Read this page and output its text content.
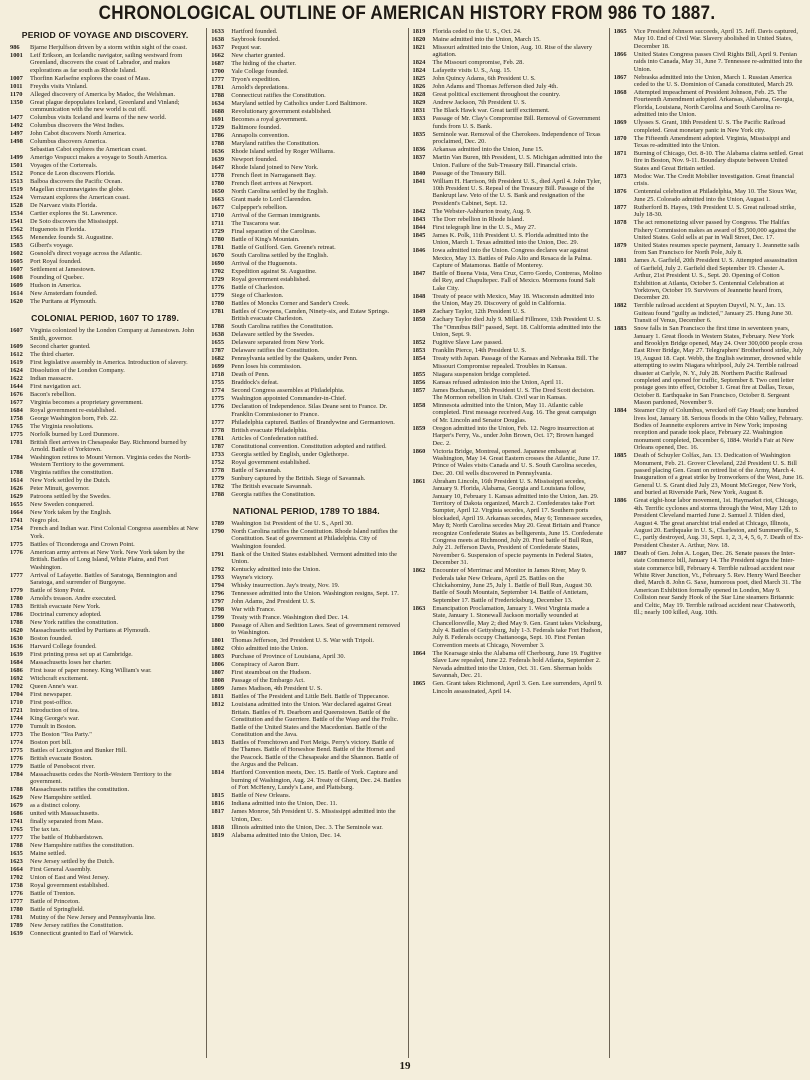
CHRONOLOGICAL OUTLINE OF AMERICAN HISTORY FROM 986 TO 1887.
PERIOD OF VOYAGE AND DISCOVERY.
986	Bjarne Herjulfson driven by a storm within sight of the coast.
1001	Leif Erikson, an Icelandic navigator, sailing westward from Greenland, discovers the coast of Labrador, and makes explorations as far south as Rhode Island.
1007	Thorfinn Karlsefne explores the coast of Mass.
1011	Freydis visits Vinland.
1170	Alleged discovery of America by Madoc, the Welshman.
1350	Great plague depopulates Iceland, Greenland and Vinland; communication with the new world is cut off.
1477	Columbus visits Iceland and learns of the new world.
1492	Columbus discovers the West Indies.
1497	John Cabot discovers North America.
1498	Columbus discovers America.
Sebastian Cabot explores the American coast.
1499	Amerigo Vespucci makes a voyage to South America.
1501	Voyages of the Cortereals.
1512	Ponce de Leon discovers Florida.
1513	Balboa discovers the Pacific Ocean.
1519	Magellan circumnavigates the globe.
1524	Verrazani explores the American coast.
1528	De Narvaez visits Florida.
1534	Cartier explores the St. Lawrence.
1541	De Soto discovers the Mississippi.
1562	Huguenots in Florida.
1565	Menendez founds St. Augustine.
1583	Gilbert's voyage.
1602	Gosnold's direct voyage across the Atlantic.
1605	Port Royal founded.
1607	Settlement at Jamestown.
1608	Founding of Quebec.
1609	Hudson in America.
1614	New Amsterdam founded.
1620	The Puritans at Plymouth.
COLONIAL PERIOD, 1607 TO 1789.
1607	Virginia colonized by the London Company at Jamestown. John Smith, governor.
1609	Second charter granted.
1612	The third charter.
1619	First legislative assembly in America. Introduction of slavery.
1624	Dissolution of the London Company.
1622	Indian massacre.
1644	First navigation act.
1676	Bacon's rebellion.
1677	Virginia becomes a proprietary government.
1684	Royal government re-established.
1758	George Washington born, Feb. 22.
1765	The Virginia resolutions.
1775	Norfolk burned by Lord Dunmore.
1781	British fleet arrives in Chesapeake Bay. Richmond burned by Arnold. Battle of Yorktown.
1784	Washington retires to Mount Vernon. Virginia cedes the North-Western Territory to the government.
1788	Virginia ratifies the constitution.
1614	New York settled by the Dutch.
1626	Peter Minuit, governor.
1629	Patroons settled by the Swedes.
1655	New Sweden conquered.
1664	New York taken by the English.
1741	Negro plot.
1754	French and Indian war. First Colonial Congress assembles at New York.
1775	Battles of Ticonderoga and Crown Point.
1776	American army arrives at New York. New York taken by the British. Battles of Long Island, White Plains, and Fort Washington.
1777	Arrival of Lafayette. Battles of Saratoga, Bennington and Saratoga, and surrender of Burgoyne.
1779	Battle of Stony Point.
1780	Arnold's treason. Andre executed.
1783	British evacuate New York.
1786	Doctrinal currency adopted.
1788	New York ratifies the constitution.
1620	Massachusetts settled by Puritans at Plymouth.
1630	Boston founded.
1636	Harvard College founded.
1639	First printing press set up at Cambridge.
1684	Massachusetts loses her charter.
1686	First issue of paper money. King William's war.
1692	Witchcraft excitement.
1702	Queen Anne's war.
1704	First newspaper.
1710	First post-office.
1721	Introduction of tea.
1744	King George's war.
1770	Tumult in Boston.
1773	The Boston "Tea Party."
1774	Boston port bill.
1775	Battles of Lexington and Bunker Hill.
1776	British evacuate Boston.
1779	Battle of Penobscot river.
1784	Massachusetts cedes the North-Western Territory to the government.
1788	Massachusetts ratifies the constitution.
1629	New Hampshire settled.
1679	as a distinct colony.
1686	united with Massachusetts.
1741	finally separated from Mass.
1765	The tax tax.
1777	The battle of Hubbardstown.
1788	New Hampshire ratifies the constitution.
1635	Maine settled.
1623	New Jersey settled by the Dutch.
1664	First General Assembly.
1702	Union of East and West Jersey.
1738	Royal government established.
1776	Battle of Trenton.
1777	Battle of Princeton.
1780	Battle of Springfield.
1781	Mutiny of the New Jersey and Pennsylvania line.
1789	New Jersey ratifies the Constitution.
1639	Connecticut granted to Earl of Warwick.
1633	Hartford founded.
1638	Saybrook founded.
1637	Pequot war.
1662	New charter granted.
1687	The hiding of the charter.
1700	Yale College founded.
1777	Tryon's expedition.
1781	Arnold's depredations.
1788	Connecticut ratifies the Constitution.
1634	Maryland settled by Catholics under Lord Baltimore.
1688	Revolutionary government established.
1691	Becomes a royal government.
1729	Baltimore founded.
1786	Annapolis convention.
1788	Maryland ratifies the Constitution.
1636	Rhode Island settled by Roger Williams.
1639	Newport founded.
1647	Rhode Island joined to New York.
1778	French fleet in Narragansett Bay.
1780	French fleet arrives at Newport.
1650	North Carolina settled by the English.
1663	Grant made to Lord Clarendon.
1677	Culpepper's rebellion.
1710	Arrival of the German immigrants.
1711	The Tuscarora war.
1729	Final separation of the Carolinas.
1780	Battle of King's Mountain.
1781	Battle of Guilford. Gen. Greene's retreat.
1670	South Carolina settled by the English.
1690	Arrival of the Huguenots.
1702	Expedition against St. Augustine.
1729	Royal government established.
1776	Battle of Charleston.
1779	Siege of Charleston.
1780	Battles of Moncks Corner and Sander's Creek.
1781	Battles of Cowpens, Camden, Ninety-six, and Eutaw Springs. British evacuate Charleston.
1788	South Carolina ratifies the Constitution.
1638	Delaware settled by the Swedes.
1655	Delaware separated from New York.
1787	Delaware ratifies the Constitution.
1682	Pennsylvania settled by the Quakers, under Penn.
1699	Penn loses his commission.
1718	Death of Penn.
1755	Braddock's defeat.
1774	Second Congress assembles at Philadelphia.
1775	Washington appointed Commander-in-Chief.
1776	Declaration of Independence. Silas Deane sent to France. Dr. Franklin Commissioner to France.
1777	Philadelphia captured. Battles of Brandywine and Germantown.
1778	British evacuate Philadelphia.
1781	Articles of Confederation ratified.
1787	Constitutional convention. Constitution adopted and ratified.
1733	Georgia settled by English, under Oglethorpe.
1752	Royal government established.
1778	Battle of Savannah.
1779	Sunbury captured by the British. Siege of Savannah.
1782	The British evacuate Savannah.
1788	Georgia ratifies the Constitution.
NATIONAL PERIOD, 1789 TO 1884.
1789	Washington 1st President of the U. S., April 30.
1790	North Carolina ratifies the Constitution. Rhode Island ratifies the Constitution. Seat of government at Philadelphia. City of Washington founded.
1791	Bank of the United States established. Vermont admitted into the Union.
1792	Kentucky admitted into the Union.
1793	Wayne's victory.
1794	Whisky insurrection. Jay's treaty, Nov. 19.
1796	Tennessee admitted into the Union. Washington resigns, Sept. 17.
1797	John Adams, 2nd President U. S.
1798	War with France.
1799	Treaty with France. Washington died Dec. 14.
1800	Passage of Alien and Sedition Laws. Seat of government removed to Washington.
1801	Thomas Jefferson, 3rd President U. S. War with Tripoli.
1802	Ohio admitted into the Union.
1803	Purchase of Province of Louisiana, April 30.
1806	Conspiracy of Aaron Burr.
1807	First steamboat on the Hudson.
1808	Passage of the Embargo Act.
1809	James Madison, 4th President U. S.
1811	Battles of The President and Little Belt. Battle of Tippecanoe.
1812	Louisiana admitted into the Union. War declared against Great Britain. Battles of Ft. Dearborn and Queenstown. Battle of the Constitution and the Guerriere. Battle of the Wasp and the Frolic. Battle of the United States and the Macedonian. Battle of the Constitution and the Java.
1813	Battles of Frenchtown and Fort Meigs. Perry's victory. Battle of the Thames. Battle of Horseshoe Bend. Battle of the Hornet and the Peacock. Battle of the Chesapeake and the Shannon. Battle of the Argus and the Pelican.
1814	Hartford Convention meets, Dec. 15. Battle of York. Capture and burning of Washington, Aug. 24. Treaty of Ghent, Dec. 24. Battles of Fort McHenry, Lundy's Lane, and Plattsburg.
1815	Battle of New Orleans.
1816	Indiana admitted into the Union, Dec. 11.
1817	James Monroe, 5th President U. S. Mississippi admitted into the Union, Dec.
1818	Illinois admitted into the Union, Dec. 3. The Seminole war.
1819	Alabama admitted into the Union, Dec. 14.
1819	Florida ceded to the U. S., Oct. 24.
1820	Maine admitted into the Union, March 15.
1821	Missouri admitted into the Union, Aug. 10. Rise of the slavery agitation.
1824	The Missouri compromise, Feb. 28.
1824	Lafayette visits U. S., Aug. 15.
1825	John Quincy Adams, 6th President U. S.
1826	John Adams and Thomas Jefferson died July 4th.
1828	Great political excitement throughout the country.
1829	Andrew Jackson, 7th President U. S.
1831	The Black Hawk war. Great tariff excitement.
1833	Passage of Mr. Clay's Compromise Bill. Removal of Government funds from U. S. Bank.
1835	Seminole war. Removal of the Cherokees. Independence of Texas proclaimed, Dec. 20.
1836	Arkansas admitted into the Union, June 15.
1837	Martin Van Buren, 8th President, U. S. Michigan admitted into the Union. Failure of the Sub-Treasury Bill. Financial crisis.
1840	Passage of the Treasury Bill.
1841	William H. Harrison, 9th President U. S., died April 4. John Tyler, 10th President U. S. Repeal of the Treasury Bill. Passage of the Bankrupt law. Veto of the U. S. Bank and resignation of the President's Cabinet, Sept. 12.
1842	The Webster-Ashburton treaty, Aug. 9.
1843	The Dorr rebellion in Rhode Island.
1844	First telegraph line in the U. S., May 27.
1845	James K. Polk, 11th President U. S. Florida admitted into the Union, March 1. Texas admitted into the Union, Dec. 29.
1846	Iowa admitted into the Union. Congress declares war against Mexico, May 13. Battles of Palo Alto and Resaca de la Palma. Capture of Matamoras. Battle of Monterey.
1847	Battle of Buena Vista, Vera Cruz, Cerro Gordo, Contreras, Molino del Rey, and Chapultepec. Fall of Mexico. Mormons found Salt Lake City.
1848	Treaty of peace with Mexico, May 18. Wisconsin admitted into the Union, May 29. Discovery of gold in California.
1849	Zachary Taylor, 12th President U. S.
1850	Zachary Taylor died July 9. Millard Fillmore, 13th President U. S. The "Omnibus Bill" passed, Sept. 18. California admitted into the Union, Sept. 9.
1852	Fugitive Slave Law passed.
1853	Franklin Pierce, 14th President U. S.
1854	Treaty with Japan. Passage of the Kansas and Nebraska Bill. The Missouri Compromise repealed. Troubles in Kansas.
1855	Niagara suspension bridge completed.
1856	Kansas refused admission into the Union, April 11.
1857	James Buchanan, 15th President U. S. The Dred Scott decision. The Mormon rebellion in Utah. Civil war in Kansas.
1858	Minnesota admitted into the Union, May 11. Atlantic cable completed. First message received Aug. 16. The great campaign of Mr. Lincoln and Senator Douglas.
1859	Oregon admitted into the Union, Feb. 12. Negro insurrection at Harper's Ferry, Va., under John Brown, Oct. 17; Brown hanged Dec. 2.
1860	Victoria Bridge, Montreal, opened. Japanese embassy at Washington, May 14. Great Eastern crosses the Atlantic, June 17. Prince of Wales visits Canada and U. S. South Carolina secedes, Dec. 20. Oil wells discovered in Pennsylvania.
1861	Abraham Lincoln, 16th President U. S. Mississippi secedes, January 9. Florida, Alabama, Georgia and Louisiana follow, January 10, February 1. Kansas admitted into the Union, Jan. 29. Territory of Dakota organized, March 2. Confederates take Fort Sumpter, April 12. Virginia secedes, April 17. Southern ports blockaded, April 19. Arkansas secedes, May 6; Tennessee secedes, May 8; North Carolina secedes May 20. Great Britain and France recognize Confederate States as belligerents, June 15. Confederate Congress meets at Richmond, July 20. First battle of Bull Run, July 21. Jefferson Davis, President of Confederate States, November 6. Suspension of specie payments in Federal States, December 31.
1862	Encounter of Merrimac and Monitor in James River, May 9. Federals take New Orleans, April 25. Battles on the Chickahominy, June 25, July 1. Battle of Bull Run, August 30. Battle of South Mountain, September 14. Battle of Antietam, September 17. Battle of Fredericksburg, December 13.
1863	Emancipation Proclamation, January 1. West Virginia made a State, January 1. Stonewall Jackson mortally wounded at Chancellorsville, May 2; died May 9. Gen. Grant takes Vicksburg, July 4. Battles of Gettysburg, July 1-3. Federals take Fort Hudson, July 8. Federals occupy Chattanooga, Sept. 10. First Fenian Convention meets at Chicago, November 3.
1864	The Kearsage sinks the Alabama off Cherbourg, June 19. Fugitive Slave Law repealed, June 22. Federals hold Atlanta, September 2. Nevada admitted into the Union, Oct. 31. Gen. Sherman holds Savannah, Dec. 21.
1865	Gen. Grant takes Richmond, April 3. Gen. Lee surrenders, April 9. Lincoln assassinated, April 14.
1865	Vice President Johnson succeeds, April 15. Jeff. Davis captured, May 10. End of Civil War. Slavery abolished in United States, December 18.
1866	United States Congress passes Civil Rights Bill, April 9. Fenian raids into Canada, May 31, June 7. Tennessee re-admitted into the Union.
1867	Nebraska admitted into the Union, March 1. Russian America ceded to the U. S. Dominion of Canada constituted, March 29.
1868	Attempted impeachment of President Johnson, Feb. 25. The Fourteenth Amendment adopted. Arkansas, Alabama, Georgia, Florida, Louisiana, North Carolina and South Carolina re-admitted into the Union.
1869	Ulysses S. Grant, 18th President U. S. The Pacific Railroad completed. Great monetary panic in New York city.
1870	The Fifteenth Amendment adopted. Virginia, Mississippi and Texas re-admitted into the Union.
1871	Burning of Chicago, Oct. 8-10. The Alabama claims settled. Great fire in Boston, Nov. 9-11. Boundary dispute between United States and Great Britain settled.
1873	Modoc War. The Credit Mobilier investigation. Great financial crisis.
1876	Centennial celebration at Philadelphia, May 10. The Sioux War, June 25. Colorado admitted into the Union, August 1.
1877	Rutherford B. Hayes, 19th President U. S. Great railroad strike, July 18-30.
1878	The act remonetizing silver passed by Congress. The Halifax Fishery Commission makes an award of $5,500,000 against the United States. Gold sells at par in Wall Street, Dec. 17.
1879	United States resumes specie payment, January 1. Jeannette sails from San Francisco for North Pole, July 8.
1881	James A. Garfield, 20th President U. S. Attempted assassination of Garfield, July 2. Garfield died September 19. Chester A. Arthur, 21st President U. S., Sept. 20. Opening of Cotton Exhibition at Atlanta, October 5. Centennial Celebration at Yorktown, October 19. Survivors of Jeannette heard from, December 20.
1882	Terrible railroad accident at Spuyten Duyvil, N. Y., Jan. 13. Guiteau found "guilty as indicted," January 25. Hung June 30. Transit of Venus, December 6.
1883	Snow falls in San Francisco the first time in seventeen years, January 1. Great floods in Western States, February. New York and Brooklyn Bridge opened, May 24. Over 300,000 people cross East River Bridge, May 27. Telegraphers' Brotherhood strike, July 19, August 18. Capt. Webb, the English swimmer, drowned while attempting to swim Niagara whirlpool, July 24. Terrible railroad disaster at Carlyle, N. Y., July 28. Northern Pacific Railroad completed and opened for traffic, September 8. Two cent letter postage goes into effect, October 1. Great fire at Dallas, Texas, October 8. Earthquake in San Francisco, October 8. Sergeant Mason pardoned, November 9.
1884	Steamer City of Columbus, wrecked off Gay Head; one hundred lives lost, January 18. Serious floods in the Ohio Valley, February. Bodies of Jeannette explorers arrive in New York; imposing reception and parade took place, February 22. Washington monument completed, December 6, 1884. World's Fair at New Orleans opened, Dec. 16.
1885	Death of Schuyler Colfax, Jan. 13. Dedication of Washington Monument, Feb. 21. Grover Cleveland, 22d President U. S. Bill passed placing Gen. Grant on retired list of the Army, March 4. Inauguration of a great strike by Ironworkers of the West, June 16. General U. S. Grant died July 23, Mount McGregor, New York, and buried at Riverside Park, New York, August 8.
1886	Great eight-hour labor movement, 1st. Haymarket riot, Chicago, 4th. Terrific cyclones and storms through the West, May 12th to President Cleveland married June 2. Samuel J. Tilden died, August 4. The great anarchist trial ended at Chicago, Illinois, August 20. Earthquake in U. S., Charleston, and Summerville, S. C., partly destroyed, Aug. 31, Sept. 1, 2, 3, 4, 5, 6, 7. Death of Ex-President Chester A. Arthur, Nov. 18.
1887	Death of Gen. John A. Logan, Dec. 26. Senate passes the Inter-state Commerce bill, January 14. The President signs the Inter-state commerce bill, February 4. Terrible railroad accident near White River Junction, Vt., February 5. Rev. Henry Ward Beecher died, March 8. John G. Saxe, humorous poet, died March 31. The American Exhibition formally opened in London, May 9. Collision near Sandy Hook of the Star Line steamers Britannic and Celtic, May 19. Terrible railroad accident near Chatsworth, Ill.; nearly 100 killed, Aug. 10th.
19
